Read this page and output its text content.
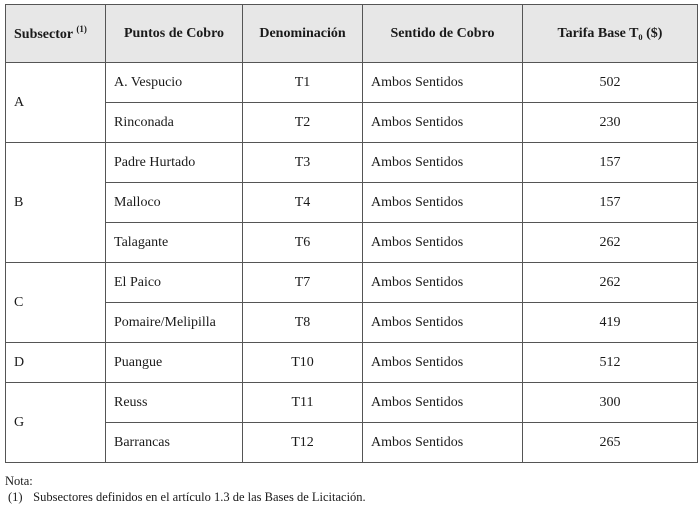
Subsector $^{(1)}$	Puntos de Cobro	Denominación	Sentido de Cobro	Tarifa Base T₀ ($)
A	A. Vespucio	T1	Ambos Sentidos	502
	Rinconada	T2	Ambos Sentidos	230
B	Padre Hurtado	T3	Ambos Sentidos	157
	Malloco	T4	Ambos Sentidos	157
	Talagante	T6	Ambos Sentidos	262
C	El Paico	T7	Ambos Sentidos	262
	Pomaire/Melipilla	T8	Ambos Sentidos	419
D	Puangue	T10	Ambos Sentidos	512
G	Reuss	T11	Ambos Sentidos	300
	Barrancas	T12	Ambos Sentidos	265
Nota:
(1) Subsectores definidos en el artículo 1.3 de las Bases de Licitación.
